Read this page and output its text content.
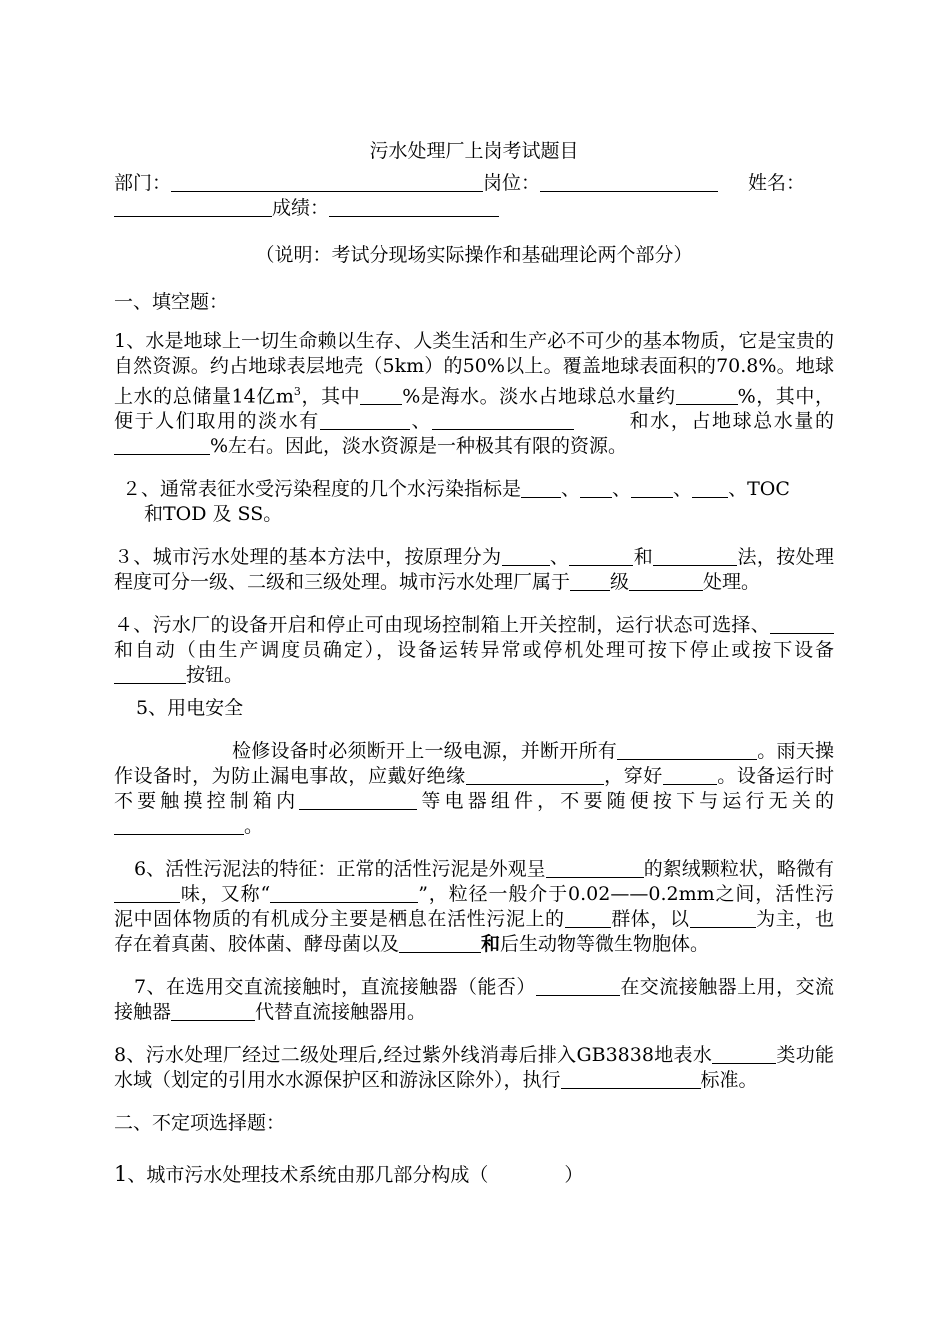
污水处理厂上岗考试题目

部门：	岗位：	姓名：

成绩：

（说明：考试分现场实际操作和基础理论两个部分）

一、填空题：

1、水是地球上一切生命赖以生存、人类生活和生产必不可少的基本物质，它是宝贵的自然资源。约占地球表层地壳（5km）的50%以上。覆盖地球表面积的70.8%。地球上水的总储量14亿$m^3$，其中 %是海水。淡水占地球总水量约	%，其中，便于人们取用的淡水有	、	和水，占地球总水量的%左右。因此，淡水资源是一种极其有限的资源。

２、通常表征水受污染程度的几个水污染指标是 、 、 、 、TOC
和TOD 及 SS。

３、城市污水处理的基本方法中，按原理分为	、	和	法，按处理程度可分一级、二级和三级处理。城市污水处理厂属于 级	处理。

４、污水厂的设备开启和停止可由现场控制箱上开关控制，运行状态可选择、和自动（由生产调度员确定），设备运转异常或停机处理可按下停止或按下设备按钮。

5、用电安全

检修设备时必须断开上一级电源，并断开所有	。雨天操作设备时，为防止漏电事故，应戴好绝缘	，穿好	。设备运行时不要触摸控制箱内	等电器组件，不要随便按下与运行无关的。

6、活性污泥法的特征：正常的活性污泥是外观呈	的絮绒颗粒状，略微有味，又称“	”，粒径一般介于0.02——0.2mm之间，活性污泥中固体物质的有机成分主要是栖息在活性污泥上的 群体，以	为主，也存在着真菌、胶体菌、酵母菌以及	和后生动物等微生物胞体。

7、在选用交直流接触时，直流接触器（能否）	在交流接触器上用，交流接触器	代替直流接触器用。

8、污水处理厂经过二级处理后,经过紫外线消毒后排入GB3838地表水	类功能水域（划定的引用水水源保护区和游泳区除外），执行	标准。

二、不定项选择题：

1、城市污水处理技术系统由那几部分构成（　　　　）
